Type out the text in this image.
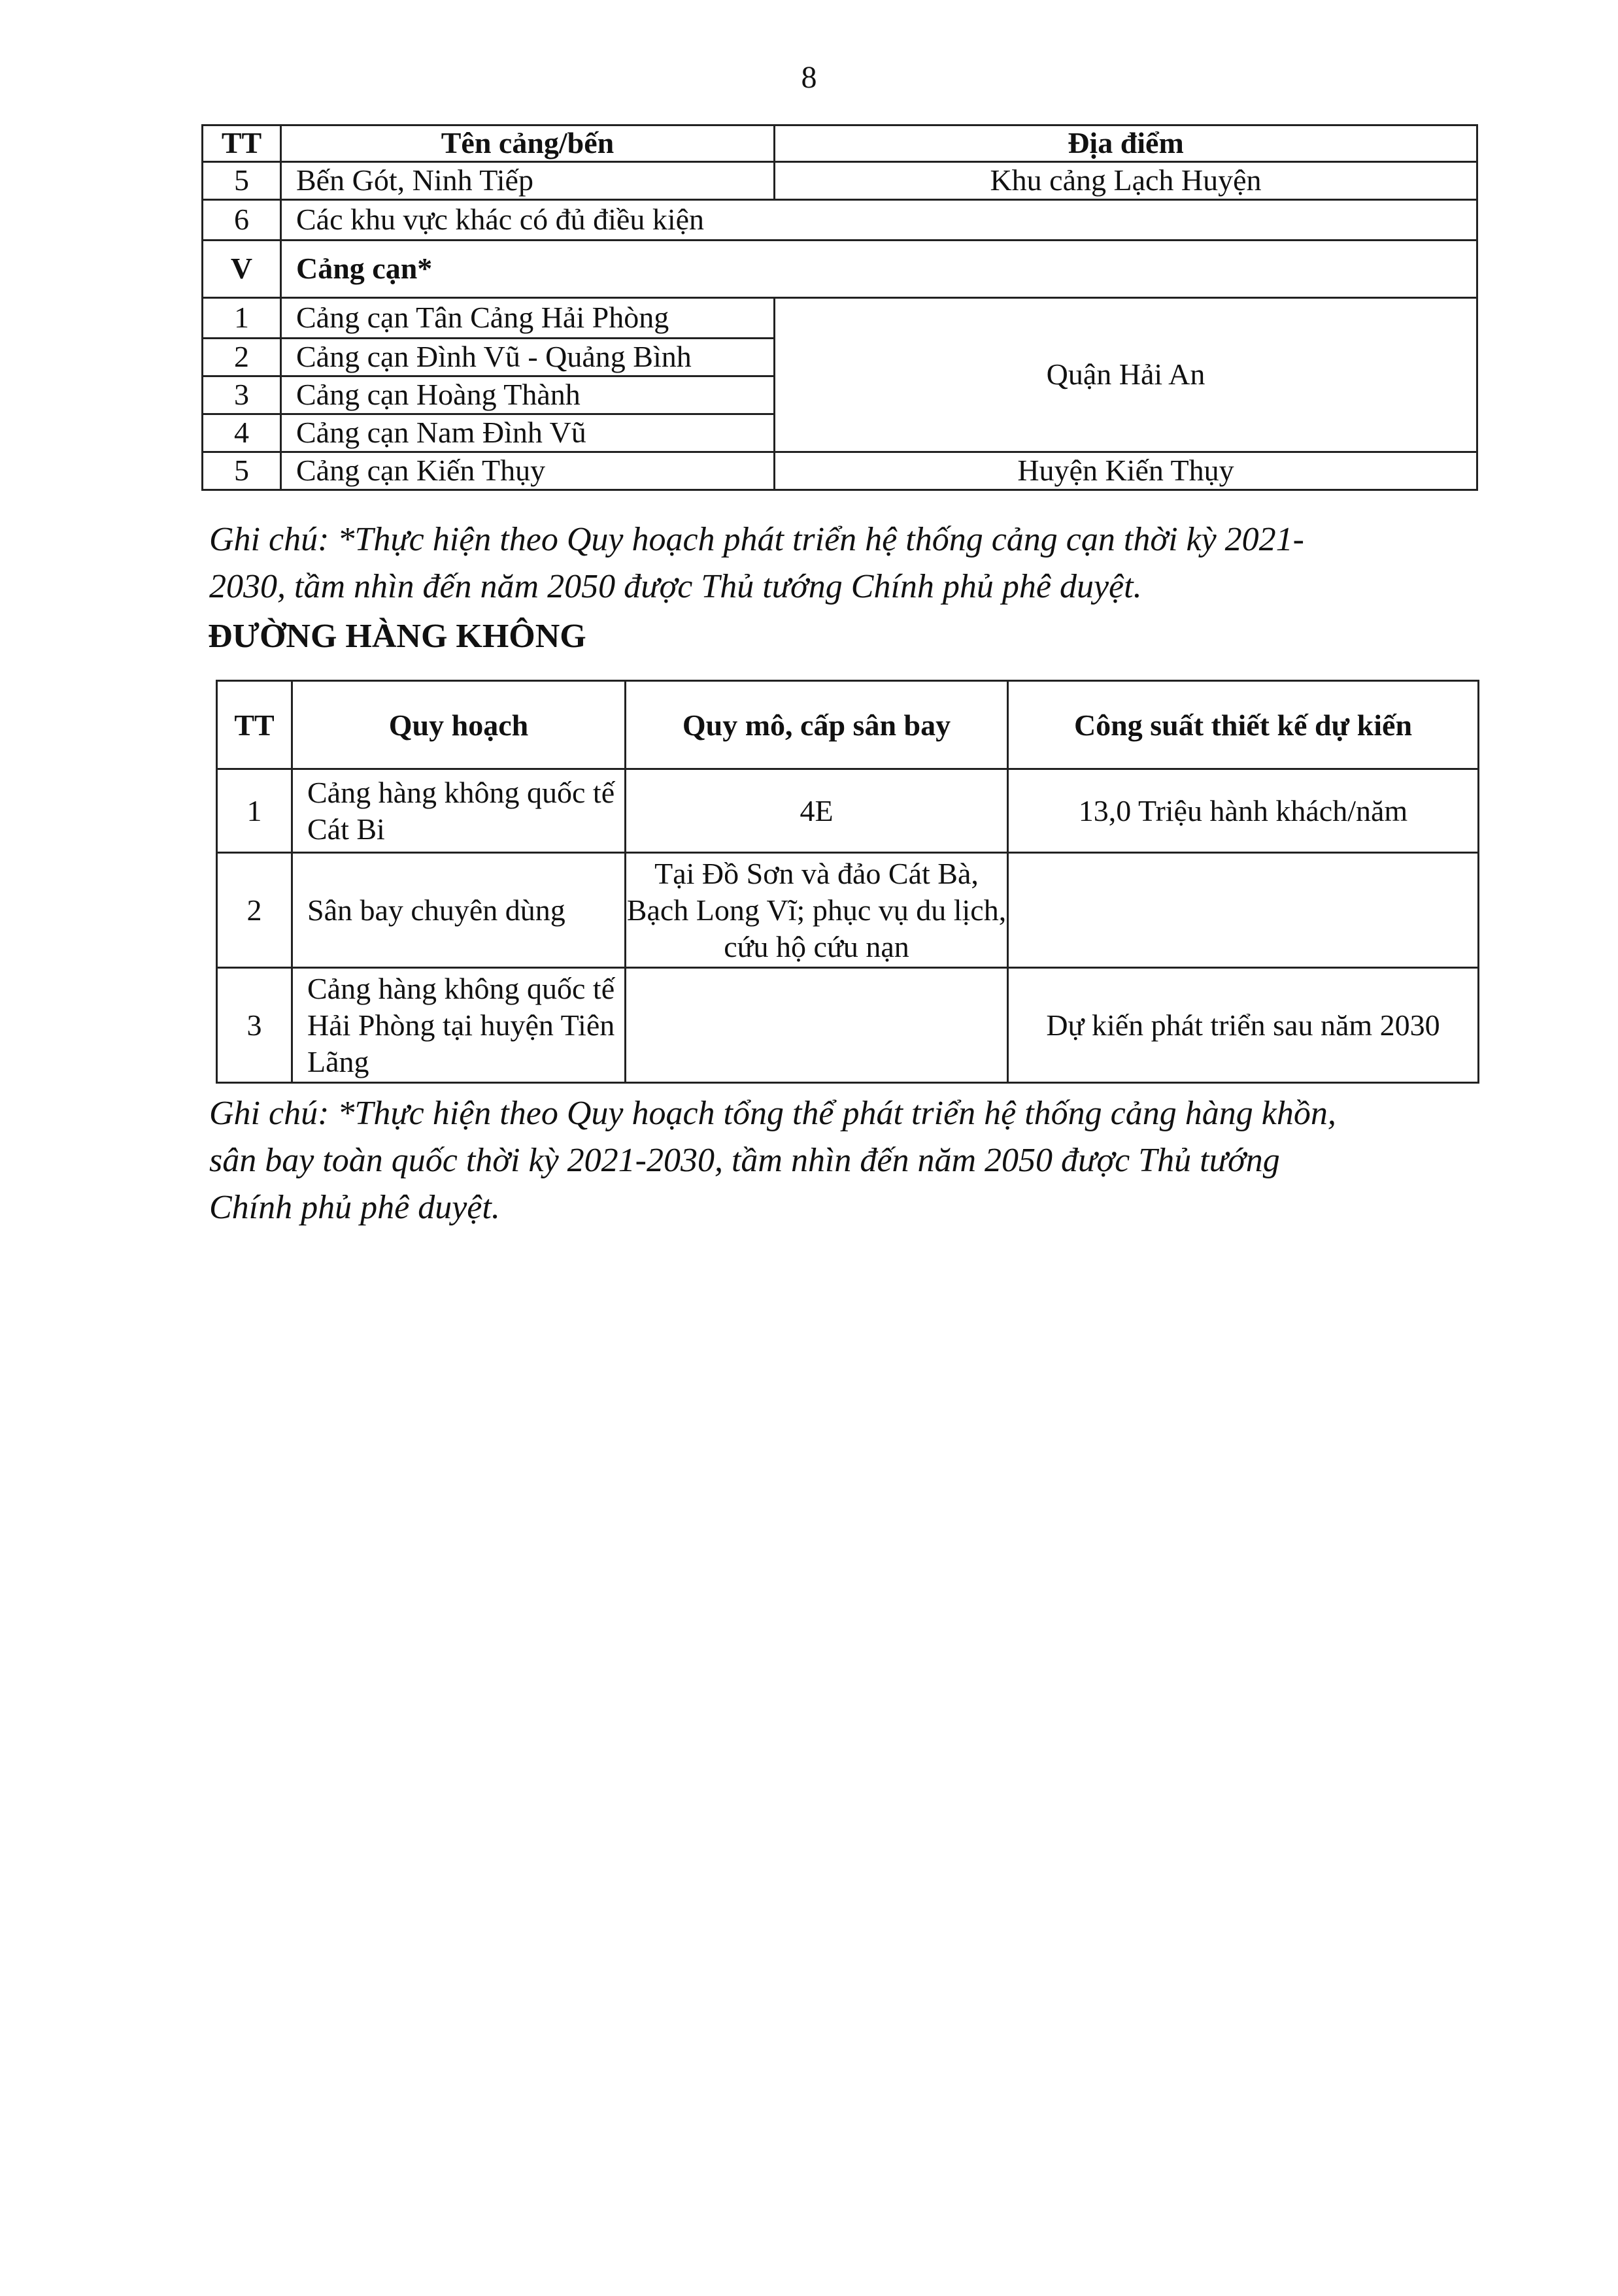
8
TT	Tên cảng/bến	Địa điểm
5	Bến Gót, Ninh Tiếp	Khu cảng Lạch Huyện
6	Các khu vực khác có đủ điều kiện	
V	Cảng cạn*	
1	Cảng cạn Tân Cảng Hải Phòng	Quận Hải An
2	Cảng cạn Đình Vũ - Quảng Bình	
3	Cảng cạn Hoàng Thành	
4	Cảng cạn Nam Đình Vũ	
5	Cảng cạn Kiến Thụy	Huyện Kiến Thụy
Ghi chú: *Thực hiện theo Quy hoạch phát triển hệ thống cảng cạn thời kỳ 2021-
2030, tầm nhìn đến năm 2050 được Thủ tướng Chính phủ phê duyệt.
ĐƯỜNG HÀNG KHÔNG
TT	Quy hoạch	Quy mô, cấp sân bay	Công suất thiết kế dự kiến
1	Cảng hàng không quốc tế Cát Bi	4E	13,0 Triệu hành khách/năm
2	Sân bay chuyên dùng	Tại Đồ Sơn và đảo Cát Bà, Bạch Long Vĩ; phục vụ du lịch, cứu hộ cứu nạn	
3	Cảng hàng không quốc tế Hải Phòng tại huyện Tiên Lãng		Dự kiến phát triển sau năm 2030
Ghi chú: *Thực hiện theo Quy hoạch tổng thể phát triển hệ thống cảng hàng khồn,
sân bay toàn quốc thời kỳ 2021-2030, tầm nhìn đến năm 2050 được Thủ tướng
Chính phủ phê duyệt.
